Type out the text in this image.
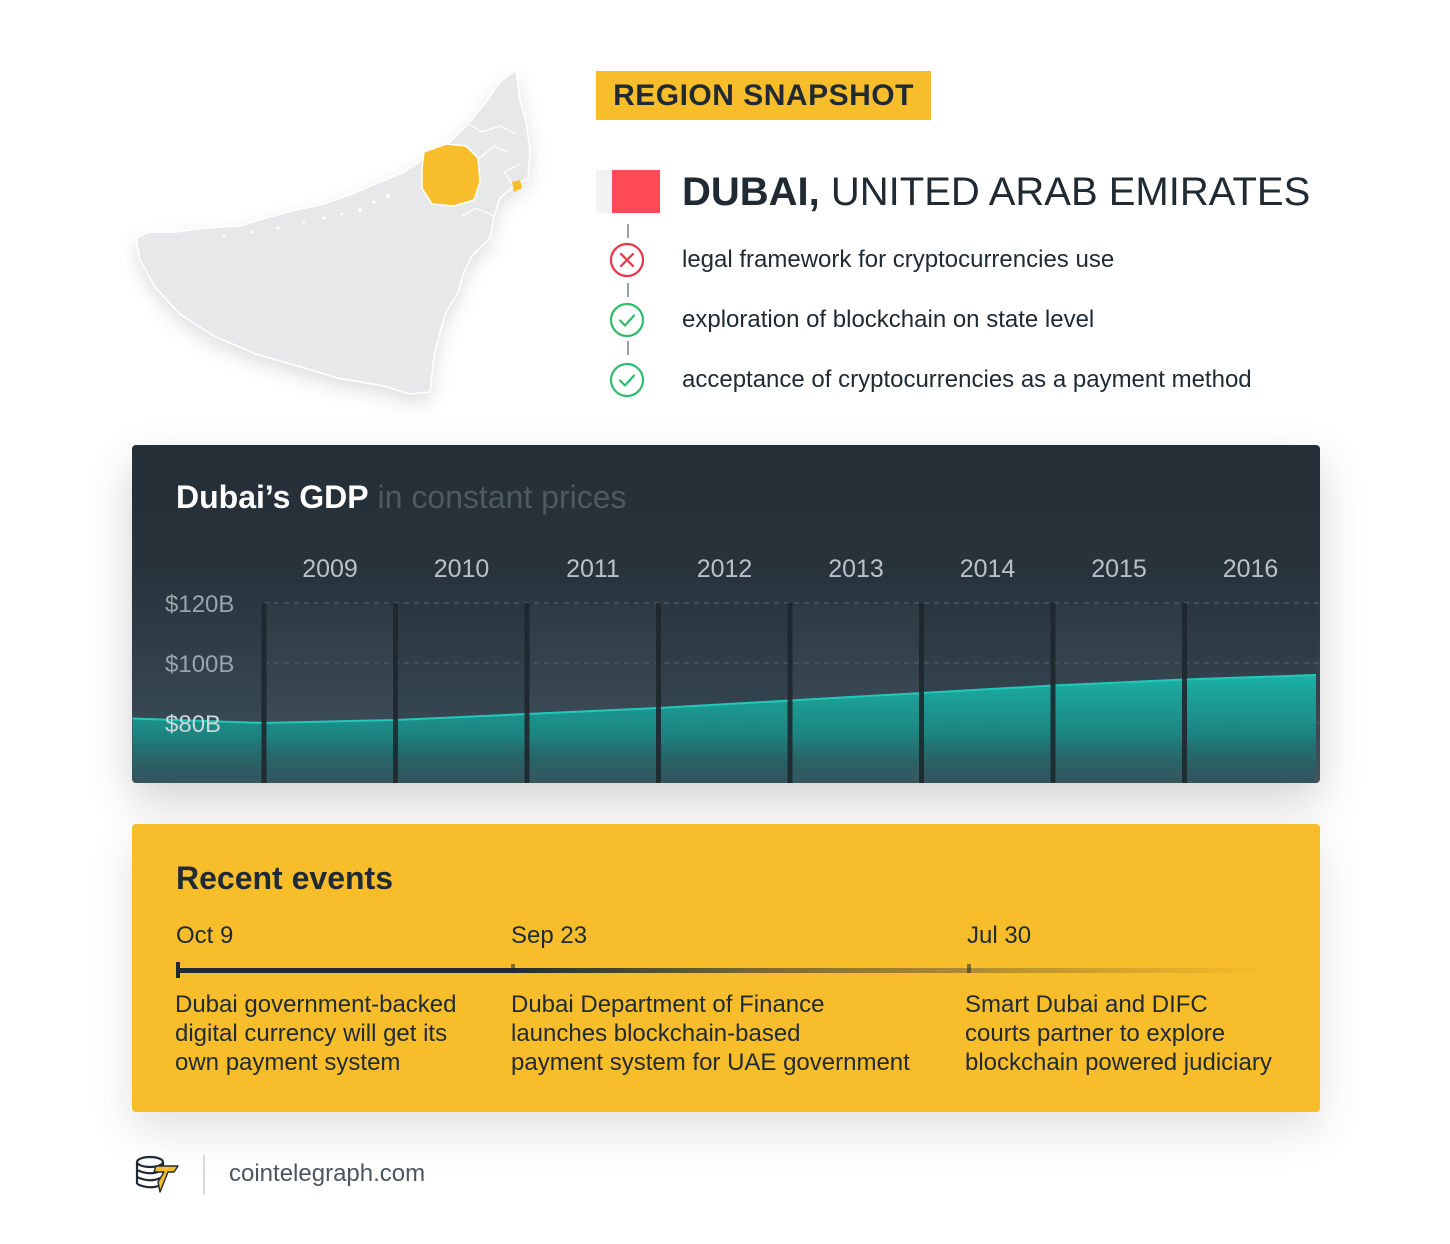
REGION SNAPSHOT
DUBAI, UNITED ARAB EMIRATES
legal framework for cryptocurrencies use
exploration of blockchain on state level
acceptance of cryptocurrencies as a payment method
Dubai’s GDP in constant prices
2009	2010	2011	2012	2013	2014	2015	2016
$80B
$100B
$120B
Recent events
Oct 9	Sep 23	Jul 30
Dubai government-backed
digital currency will get its
own payment system
Dubai Department of Finance
launches blockchain-based
payment system for UAE government
Smart Dubai and DIFC
courts partner to explore
blockchain powered judiciary
cointelegraph.com
